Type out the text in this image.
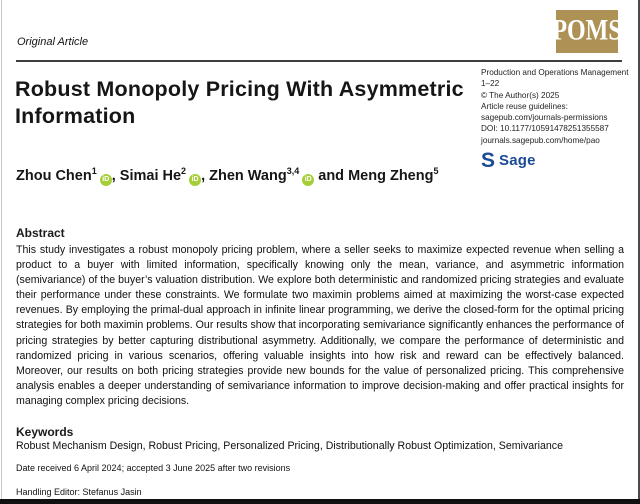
Original Article	POMS
Robust Monopoly Pricing With Asymmetric Information
Production and Operations Management
1–22
© The Author(s) 2025
Article reuse guidelines:
sagepub.com/journals-permissions
DOI: 10.1177/10591478251355587
journals.sagepub.com/home/pao
S Sage
Zhou Chen$^1$iD , Simai He$^2$iD , Zhen Wang$^{3,4}$iD and Meng Zheng$^5$
Abstract
This study investigates a robust monopoly pricing problem, where a seller seeks to maximize expected revenue when selling a product to a buyer with limited information, specifically knowing only the mean, variance, and asymmetric information (semivariance) of the buyer’s valuation distribution. We explore both deterministic and randomized pricing strategies and evaluate their performance under these constraints. We formulate two maximin problems aimed at maximizing the worst-case expected revenues. By employing the primal-dual approach in infinite linear programming, we derive the closed-form for the optimal pricing strategies for both maximin problems. Our results show that incorporating semivariance significantly enhances the performance of pricing strategies by better capturing distributional asymmetry. Additionally, we compare the performance of deterministic and randomized pricing in various scenarios, offering valuable insights into how risk and reward can be effectively balanced. Moreover, our results on both pricing strategies provide new bounds for the value of personalized pricing. This comprehensive analysis enables a deeper understanding of semivariance information to improve decision-making and offer practical insights for managing complex pricing decisions.
Keywords
Robust Mechanism Design, Robust Pricing, Personalized Pricing, Distributionally Robust Optimization, Semivariance
Date received 6 April 2024; accepted 3 June 2025 after two revisions
Handling Editor: Stefanus Jasin
